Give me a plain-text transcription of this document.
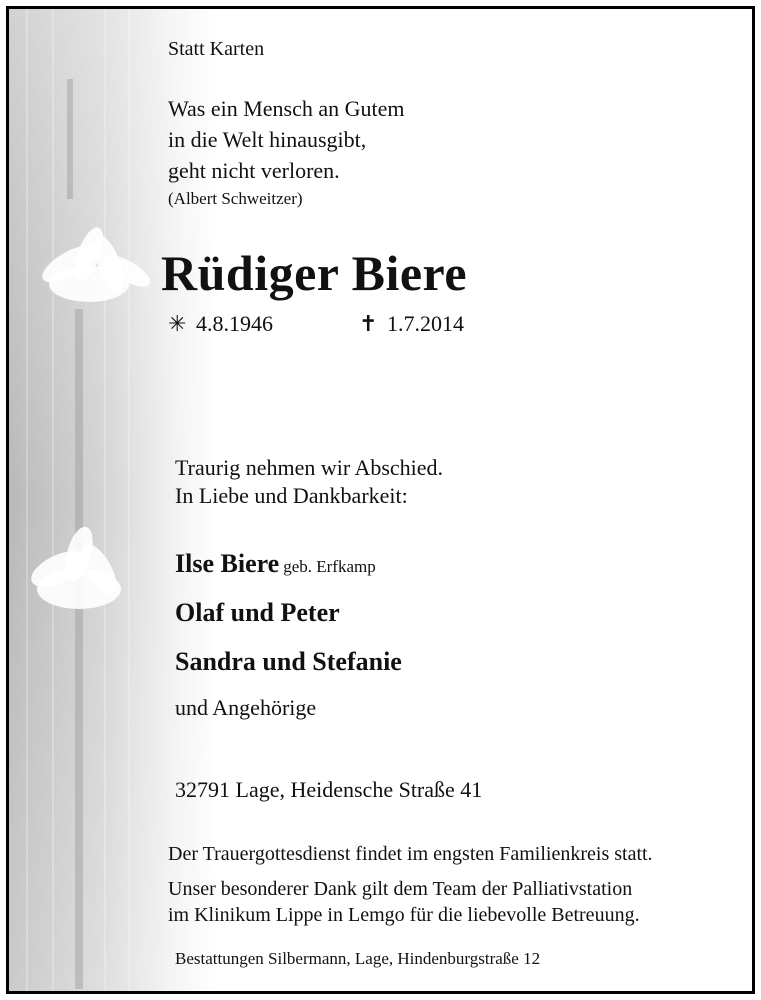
Statt Karten
Was ein Mensch an Gutem
in die Welt hinausgibt,
geht nicht verloren.
(Albert Schweitzer)
Rüdiger Biere
✳ 4.8.1946	✝ 1.7.2014
Traurig nehmen wir Abschied.
In Liebe und Dankbarkeit:
Ilse Biere geb. Erfkamp
Olaf und Peter
Sandra und Stefanie
und Angehörige
32791 Lage, Heidensche Straße 41
Der Trauergottesdienst findet im engsten Familienkreis statt.
Unser besonderer Dank gilt dem Team der Palliativstation
im Klinikum Lippe in Lemgo für die liebevolle Betreuung.
Bestattungen Silbermann, Lage, Hindenburgstraße 12
